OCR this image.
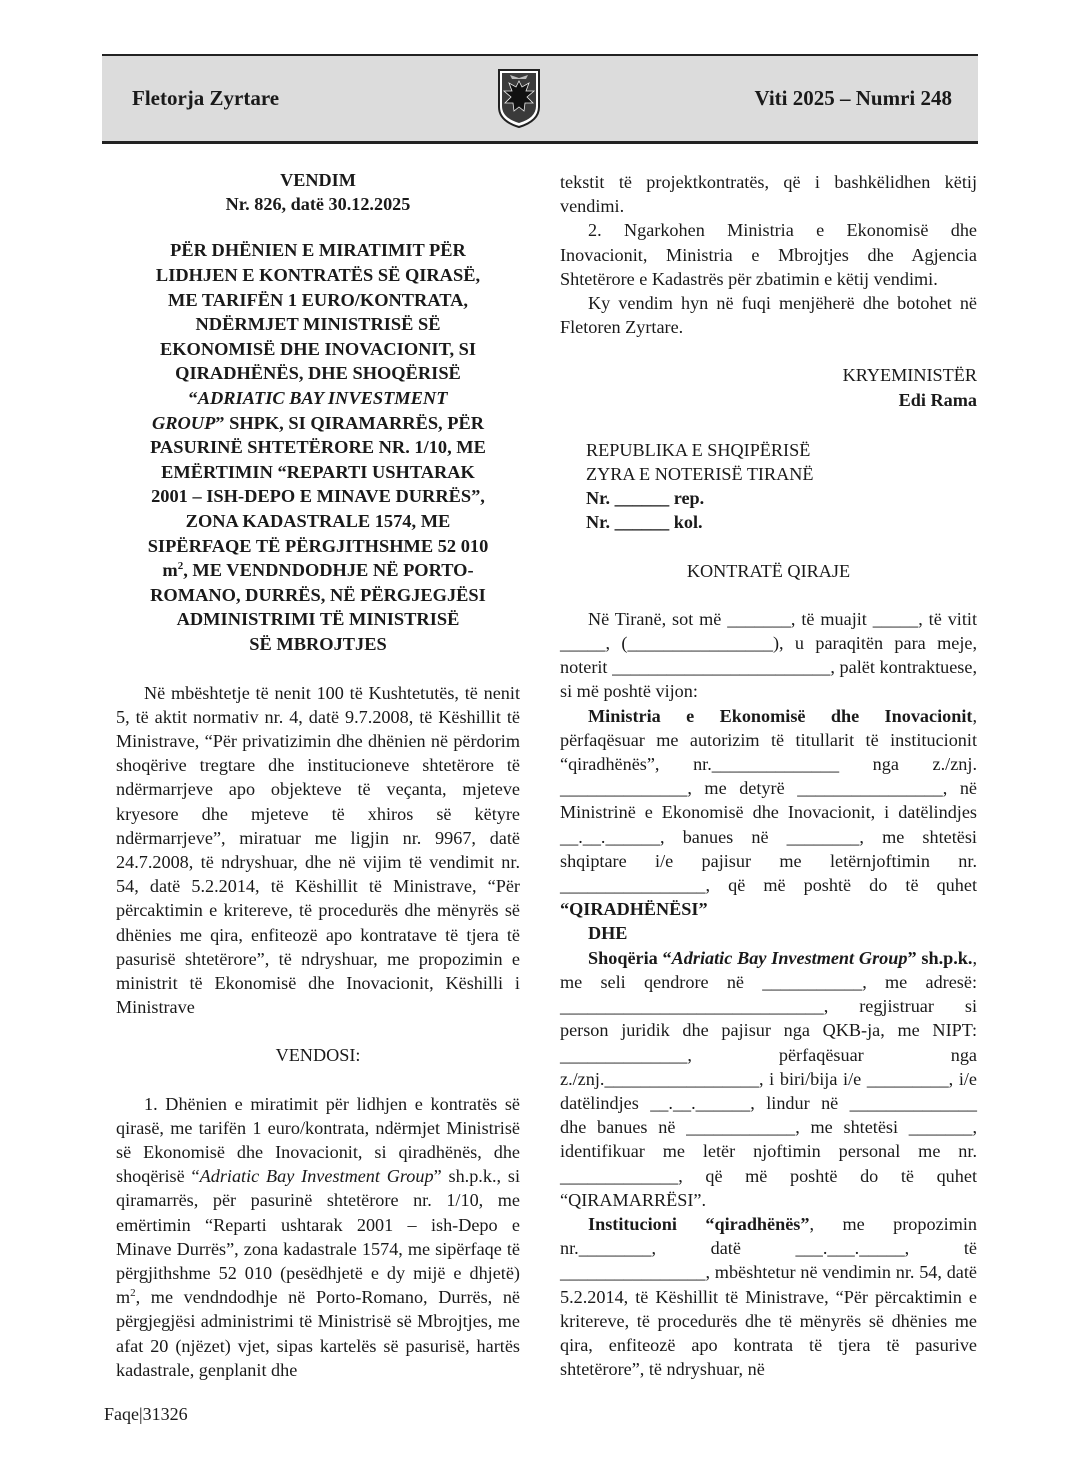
Fletorja Zyrtare	Viti 2025 – Numri 248
VENDIM
Nr. 826, datë 30.12.2025
PËR DHËNIEN E MIRATIMIT PËR
LIDHJEN E KONTRATËS SË QIRASË,
ME TARIFËN 1 EURO/KONTRATA,
NDËRMJET MINISTRISË SË
EKONOMISË DHE INOVACIONIT, SI
QIRADHËNËS, DHE SHOQËRISË
“ADRIATIC BAY INVESTMENT
GROUP” SHPK, SI QIRAMARRËS, PËR
PASURINË SHTETËRORE NR. 1/10, ME
EMËRTIMIN “REPARTI USHTARAK
2001 – ISH-DEPO E MINAVE DURRËS”,
ZONA KADASTRALE 1574, ME
SIPËRFAQE TË PËRGJITHSHME 52 010
$m^2$, ME VENDNDODHJE NË PORTO-
ROMANO, DURRËS, NË PËRGJEGJËSI
ADMINISTRIMI TË MINISTRISË
SË MBROJTJES

Në mbështetje të nenit 100 të Kushtetutës, të nenit 5, të aktit normativ nr. 4, datë 9.7.2008, të Këshillit të Ministrave, “Për privatizimin dhe dhënien në përdorim shoqërive tregtare dhe institucioneve shtetërore të ndërmarrjeve apo objekteve të veçanta, mjeteve kryesore dhe mjeteve të xhiros së këtyre ndërmarrjeve”, miratuar me ligjin nr. 9967, datë 24.7.2008, të ndryshuar, dhe në vijim të vendimit nr. 54, datë 5.2.2014, të Këshillit të Ministrave, “Për përcaktimin e kritereve, të procedurës dhe mënyrës së dhënies me qira, enfiteozë apo kontratave të tjera të pasurisë shtetërore”, të ndryshuar, me propozimin e ministrit të Ekonomisë dhe Inovacionit, Këshilli i Ministrave

VENDOSI:

1. Dhënien e miratimit për lidhjen e kontratës së qirasë, me tarifën 1 euro/kontrata, ndërmjet Ministrisë së Ekonomisë dhe Inovacionit, si qiradhënës, dhe shoqërisë “Adriatic Bay Investment Group” sh.p.k., si qiramarrës, për pasurinë shtetërore nr. 1/10, me emërtimin “Reparti ushtarak 2001 – ish-Depo e Minave Durrës”, zona kadastrale 1574, me sipërfaqe të përgjithshme 52 010 (pesëdhjetë e dy mijë e dhjetë) $m^2$, me vendndodhje në Porto-Romano, Durrës, në përgjegjësi administrimi të Ministrisë së Mbrojtjes, me afat 20 (njëzet) vjet, sipas kartelës së pasurisë, hartës kadastrale, genplanit dhe

tekstit të projektkontratës, që i bashkëlidhen këtij vendimi.

2. Ngarkohen Ministria e Ekonomisë dhe Inovacionit, Ministria e Mbrojtjes dhe Agjencia Shtetërore e Kadastrës për zbatimin e këtij vendimi.

Ky vendim hyn në fuqi menjëherë dhe botohet në Fletoren Zyrtare.

KRYEMINISTËR
Edi Rama
REPUBLIKA E SHQIPËRISË
ZYRA E NOTERISË TIRANË
Nr. ______ rep.
Nr. ______ kol.
KONTRATË QIRAJE

Në Tiranë, sot më _______, të muajit _____, të vitit _____, (________________), u paraqitën para meje, noterit ________________________, palët kontraktuese, si më poshtë vijon:

Ministria e Ekonomisë dhe Inovacionit, përfaqësuar me autorizim të titullarit të institucionit “qiradhënës”, nr.______________ nga z./znj. ______________, me detyrë ________________, në Ministrinë e Ekonomisë dhe Inovacionit, i datëlindjes __.__.______, banues në ________, me shtetësi shqiptare i/e pajisur me letërnjoftimin nr. ________________, që më poshtë do të quhet “QIRADHËNËSI”

DHE

Shoqëria “Adriatic Bay Investment Group” sh.p.k., me seli qendrore në ___________, me adresë: _____________________________, regjistruar si person juridik dhe pajisur nga QKB-ja, me NIPT: ______________, përfaqësuar nga z./znj._________________, i biri/bija i/e _________, i/e datëlindjes __.__.______, lindur në ______________ dhe banues në ____________, me shtetësi _______, identifikuar me letër njoftimin personal me nr. _____________, që më poshtë do të quhet “QIRAMARRËSI”.

Institucioni “qiradhënës”, me propozimin nr.________, datë ___.___._____, të ________________, mbështetur në vendimin nr. 54, datë 5.2.2014, të Këshillit të Ministrave, “Për përcaktimin e kritereve, të procedurës dhe të mënyrës së dhënies me qira, enfiteozë apo kontrata të tjera të pasurive shtetërore”, të ndryshuar, në

Faqe|31326
